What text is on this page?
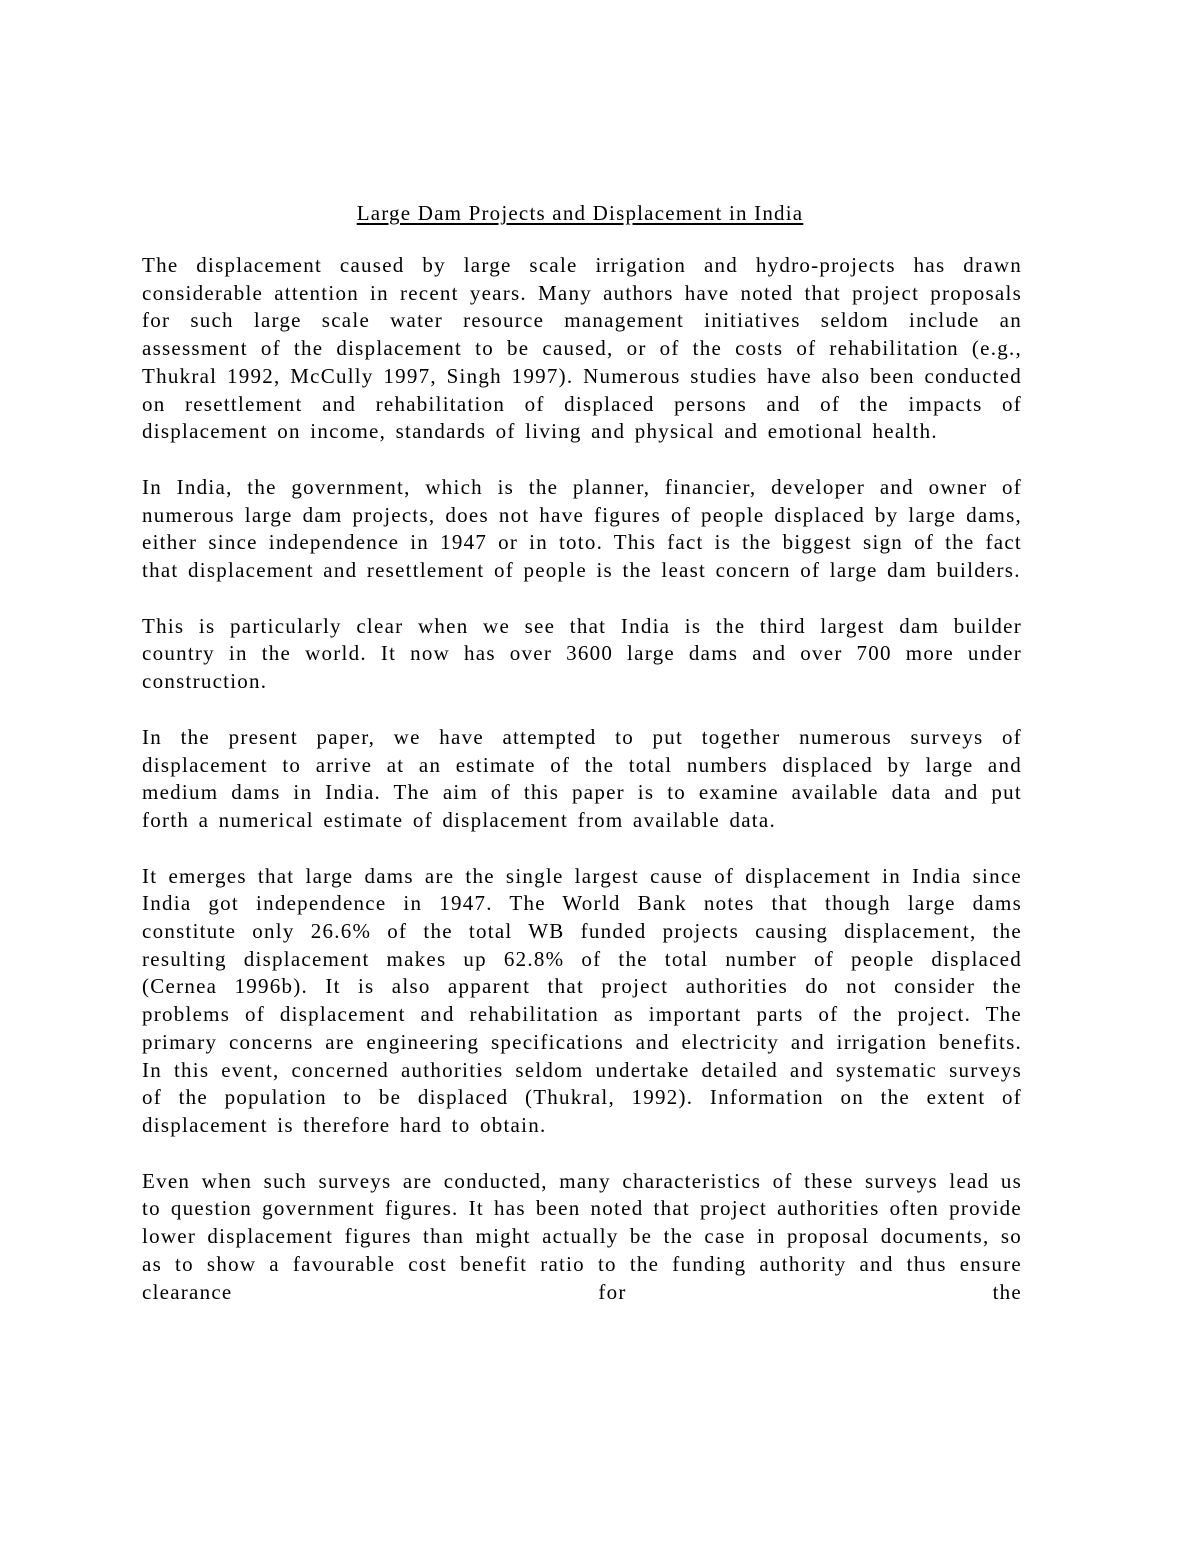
Large Dam Projects and Displacement in India

The displacement caused by large scale irrigation and hydro-projects has drawn considerable attention in recent years. Many authors have noted that project proposals for such large scale water resource management initiatives seldom include an assessment of the displacement to be caused, or of the costs of rehabilitation (e.g., Thukral 1992, McCully 1997, Singh 1997). Numerous studies have also been conducted on resettlement and rehabilitation of displaced persons and of the impacts of displacement on income, standards of living and physical and emotional health.

In India, the government, which is the planner, financier, developer and owner of numerous large dam projects, does not have figures of people displaced by large dams, either since independence in 1947 or in toto. This fact is the biggest sign of the fact that displacement and resettlement of people is the least concern of large dam builders.

This is particularly clear when we see that India is the third largest dam builder country in the world. It now has over 3600 large dams and over 700 more under construction.

In the present paper, we have attempted to put together numerous surveys of displacement to arrive at an estimate of the total numbers displaced by large and medium dams in India. The aim of this paper is to examine available data and put forth a numerical estimate of displacement from available data.

It emerges that large dams are the single largest cause of displacement in India since India got independence in 1947. The World Bank notes that though large dams constitute only 26.6% of the total WB funded projects causing displacement, the resulting displacement makes up 62.8% of the total number of people displaced (Cernea 1996b). It is also apparent that project authorities do not consider the problems of displacement and rehabilitation as important parts of the project. The primary concerns are engineering specifications and electricity and irrigation benefits. In this event, concerned authorities seldom undertake detailed and systematic surveys of the population to be displaced (Thukral, 1992). Information on the extent of displacement is therefore hard to obtain.

Even when such surveys are conducted, many characteristics of these surveys lead us to question government figures. It has been noted that project authorities often provide lower displacement figures than might actually be the case in proposal documents, so as to show a favourable cost benefit ratio to the funding authority and thus ensure clearance for the
